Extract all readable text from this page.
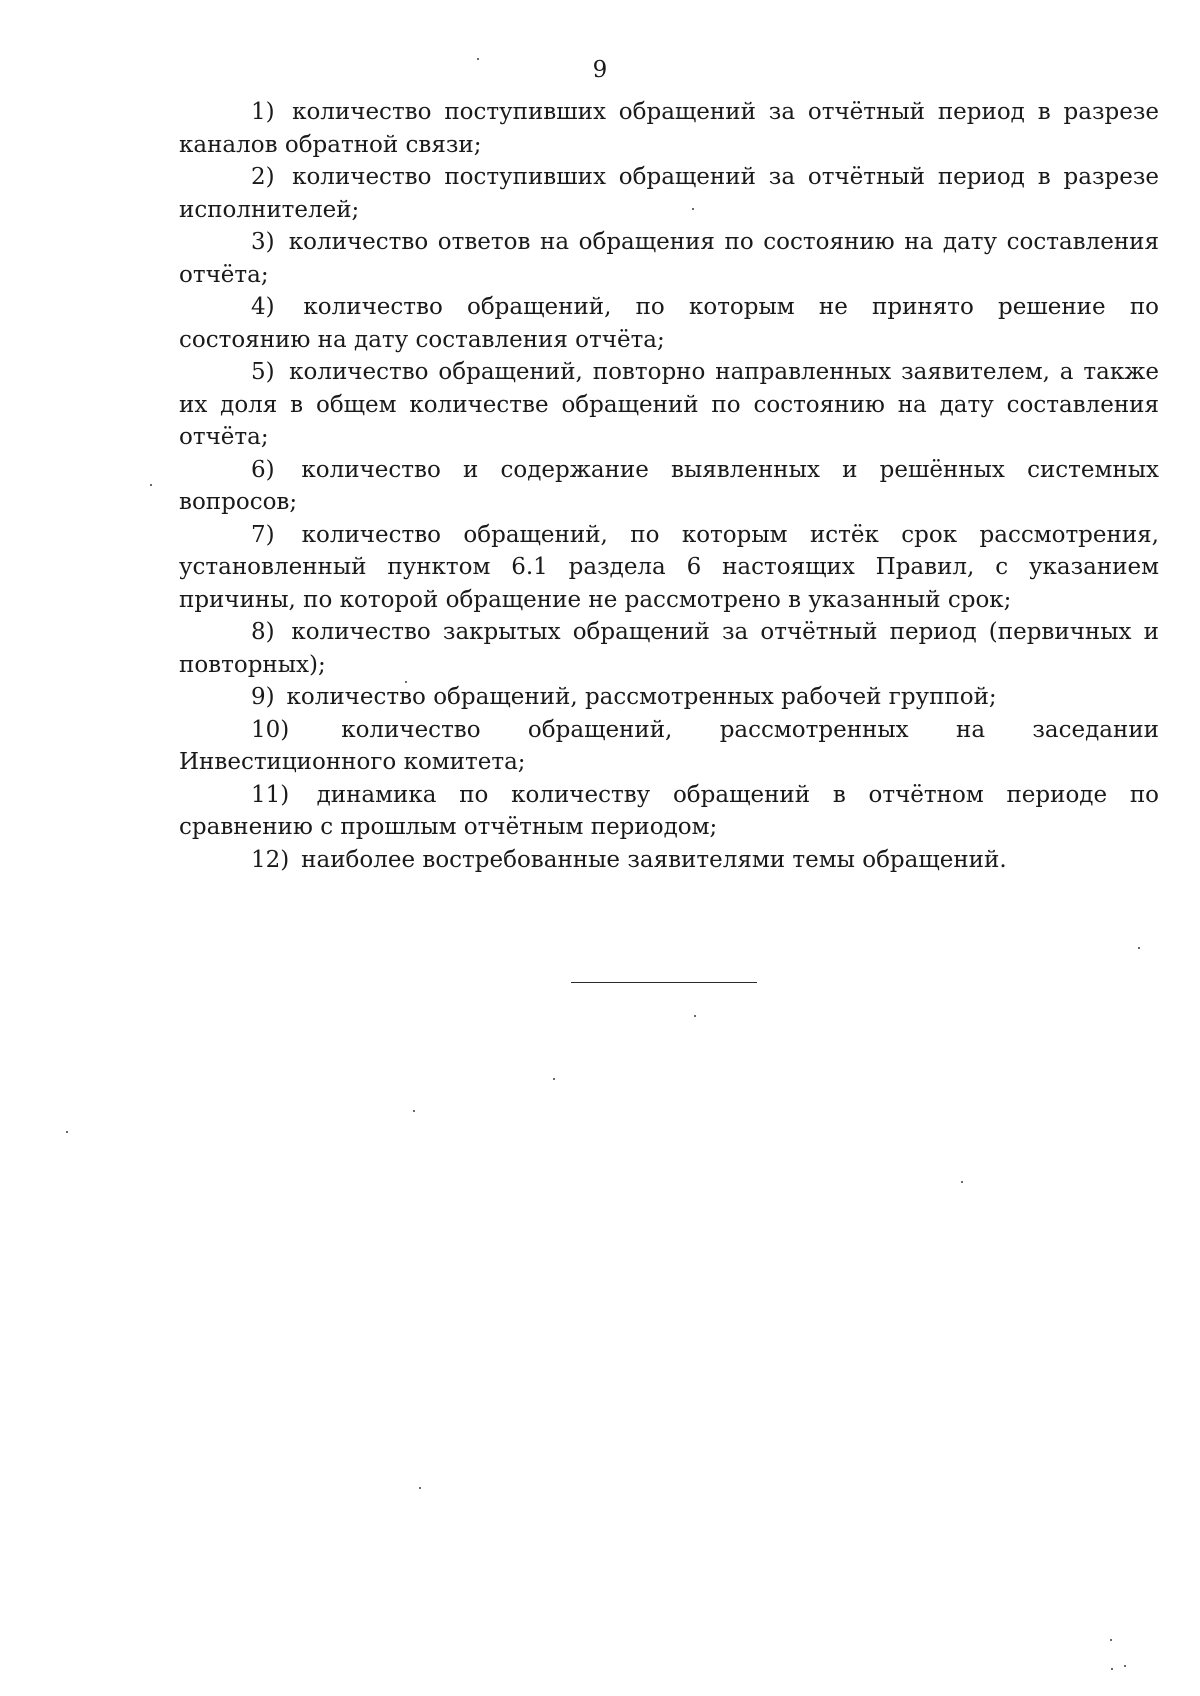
9

1) количество поступивших обращений за отчётный период в разрезе каналов обратной связи;

2) количество поступивших обращений за отчётный период в разрезе исполнителей;

3) количество ответов на обращения по состоянию на дату составления отчёта;

4) количество обращений, по которым не принято решение по состоянию на дату составления отчёта;

5) количество обращений, повторно направленных заявителем, а также их доля в общем количестве обращений по состоянию на дату составления отчёта;

6) количество и содержание выявленных и решённых системных вопросов;

7) количество обращений, по которым истёк срок рассмотрения, установленный пунктом 6.1 раздела 6 настоящих Правил, с указанием причины, по которой обращение не рассмотрено в указанный срок;

8) количество закрытых обращений за отчётный период (первичных и повторных);

9) количество обращений, рассмотренных рабочей группой;

10) количество обращений, рассмотренных на заседании Инвестиционного комитета;

11) динамика по количеству обращений в отчётном периоде по сравнению с прошлым отчётным периодом;

12) наиболее востребованные заявителями темы обращений.
